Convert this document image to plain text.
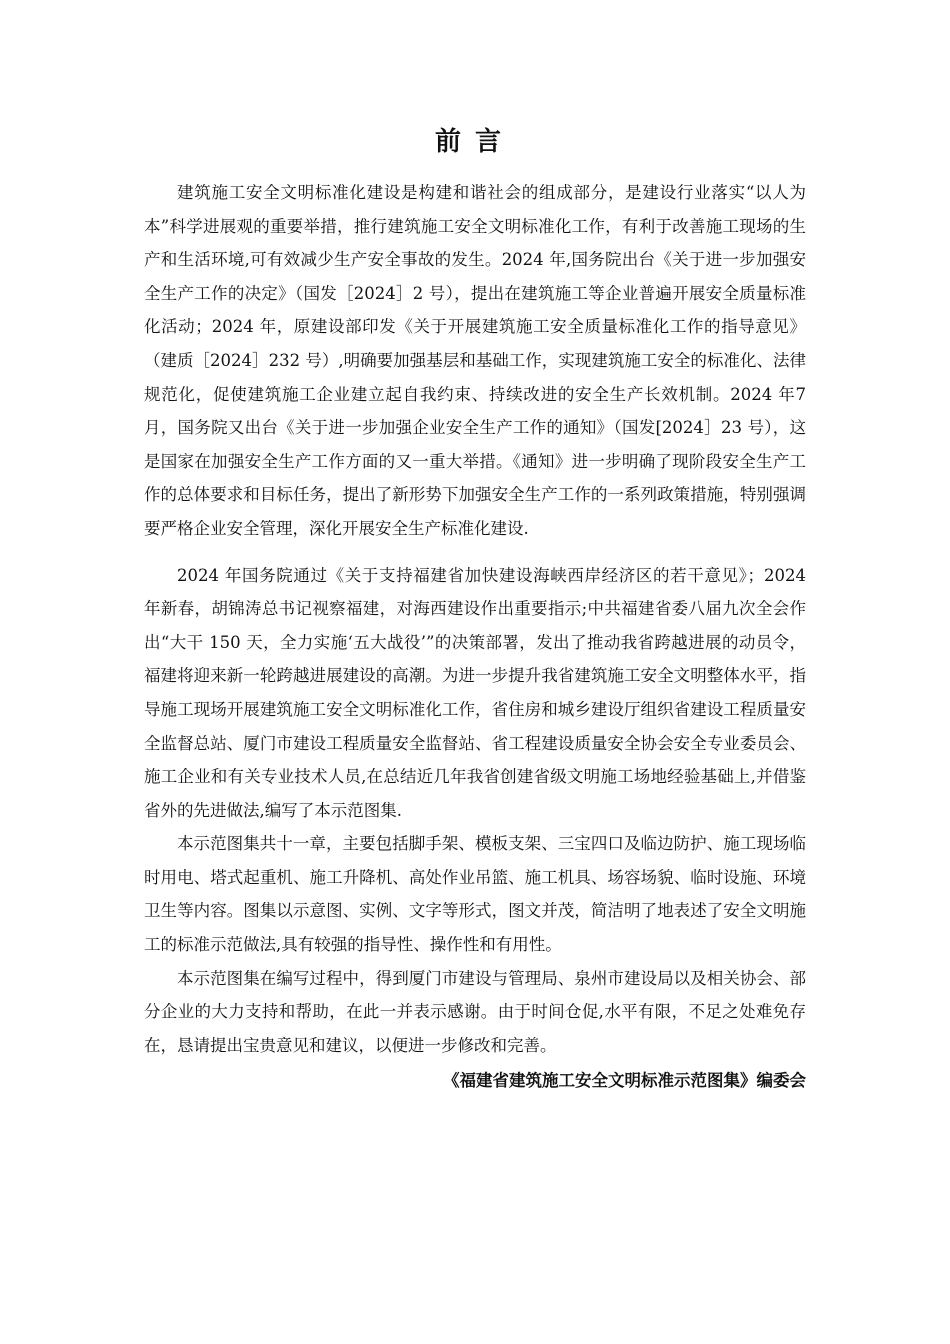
前言

建筑施工安全文明标准化建设是构建和谐社会的组成部分，是建设行业落实“以人为本”科学进展观的重要举措，推行建筑施工安全文明标准化工作，有利于改善施工现场的生产和生活环境,可有效减少生产安全事故的发生。2024 年,国务院出台《关于进一步加强安全生产工作的决定》（国发［2024］2 号），提出在建筑施工等企业普遍开展安全质量标准化活动；2024 年，原建设部印发《关于开展建筑施工安全质量标准化工作的指导意见》（建质［2024］232 号）,明确要加强基层和基础工作，实现建筑施工安全的标准化、法律规范化，促使建筑施工企业建立起自我约束、持续改进的安全生产长效机制。2024 年7 月，国务院又出台《关于进一步加强企业安全生产工作的通知》（国发[2024］23 号），这是国家在加强安全生产工作方面的又一重大举措。《通知》进一步明确了现阶段安全生产工作的总体要求和目标任务，提出了新形势下加强安全生产工作的一系列政策措施，特别强调要严格企业安全管理，深化开展安全生产标准化建设.

2024 年国务院通过《关于支持福建省加快建设海峡西岸经济区的若干意见》；2024 年新春，胡锦涛总书记视察福建，对海西建设作出重要指示;中共福建省委八届九次全会作出“大干 150 天，全力实施‘五大战役’”的决策部署，发出了推动我省跨越进展的动员令，福建将迎来新一轮跨越进展建设的高潮。为进一步提升我省建筑施工安全文明整体水平，指导施工现场开展建筑施工安全文明标准化工作，省住房和城乡建设厅组织省建设工程质量安全监督总站、厦门市建设工程质量安全监督站、省工程建设质量安全协会安全专业委员会、施工企业和有关专业技术人员,在总结近几年我省创建省级文明施工场地经验基础上,并借鉴省外的先进做法,编写了本示范图集.

本示范图集共十一章，主要包括脚手架、模板支架、三宝四口及临边防护、施工现场临时用电、塔式起重机、施工升降机、高处作业吊篮、施工机具、场容场貌、临时设施、环境卫生等内容。图集以示意图、实例、文字等形式，图文并茂，简洁明了地表述了安全文明施工的标准示范做法,具有较强的指导性、操作性和有用性。

本示范图集在编写过程中，得到厦门市建设与管理局、泉州市建设局以及相关协会、部分企业的大力支持和帮助，在此一并表示感谢。由于时间仓促,水平有限，不足之处难免存在，恳请提出宝贵意见和建议，以便进一步修改和完善。

《福建省建筑施工安全文明标准示范图集》编委会
